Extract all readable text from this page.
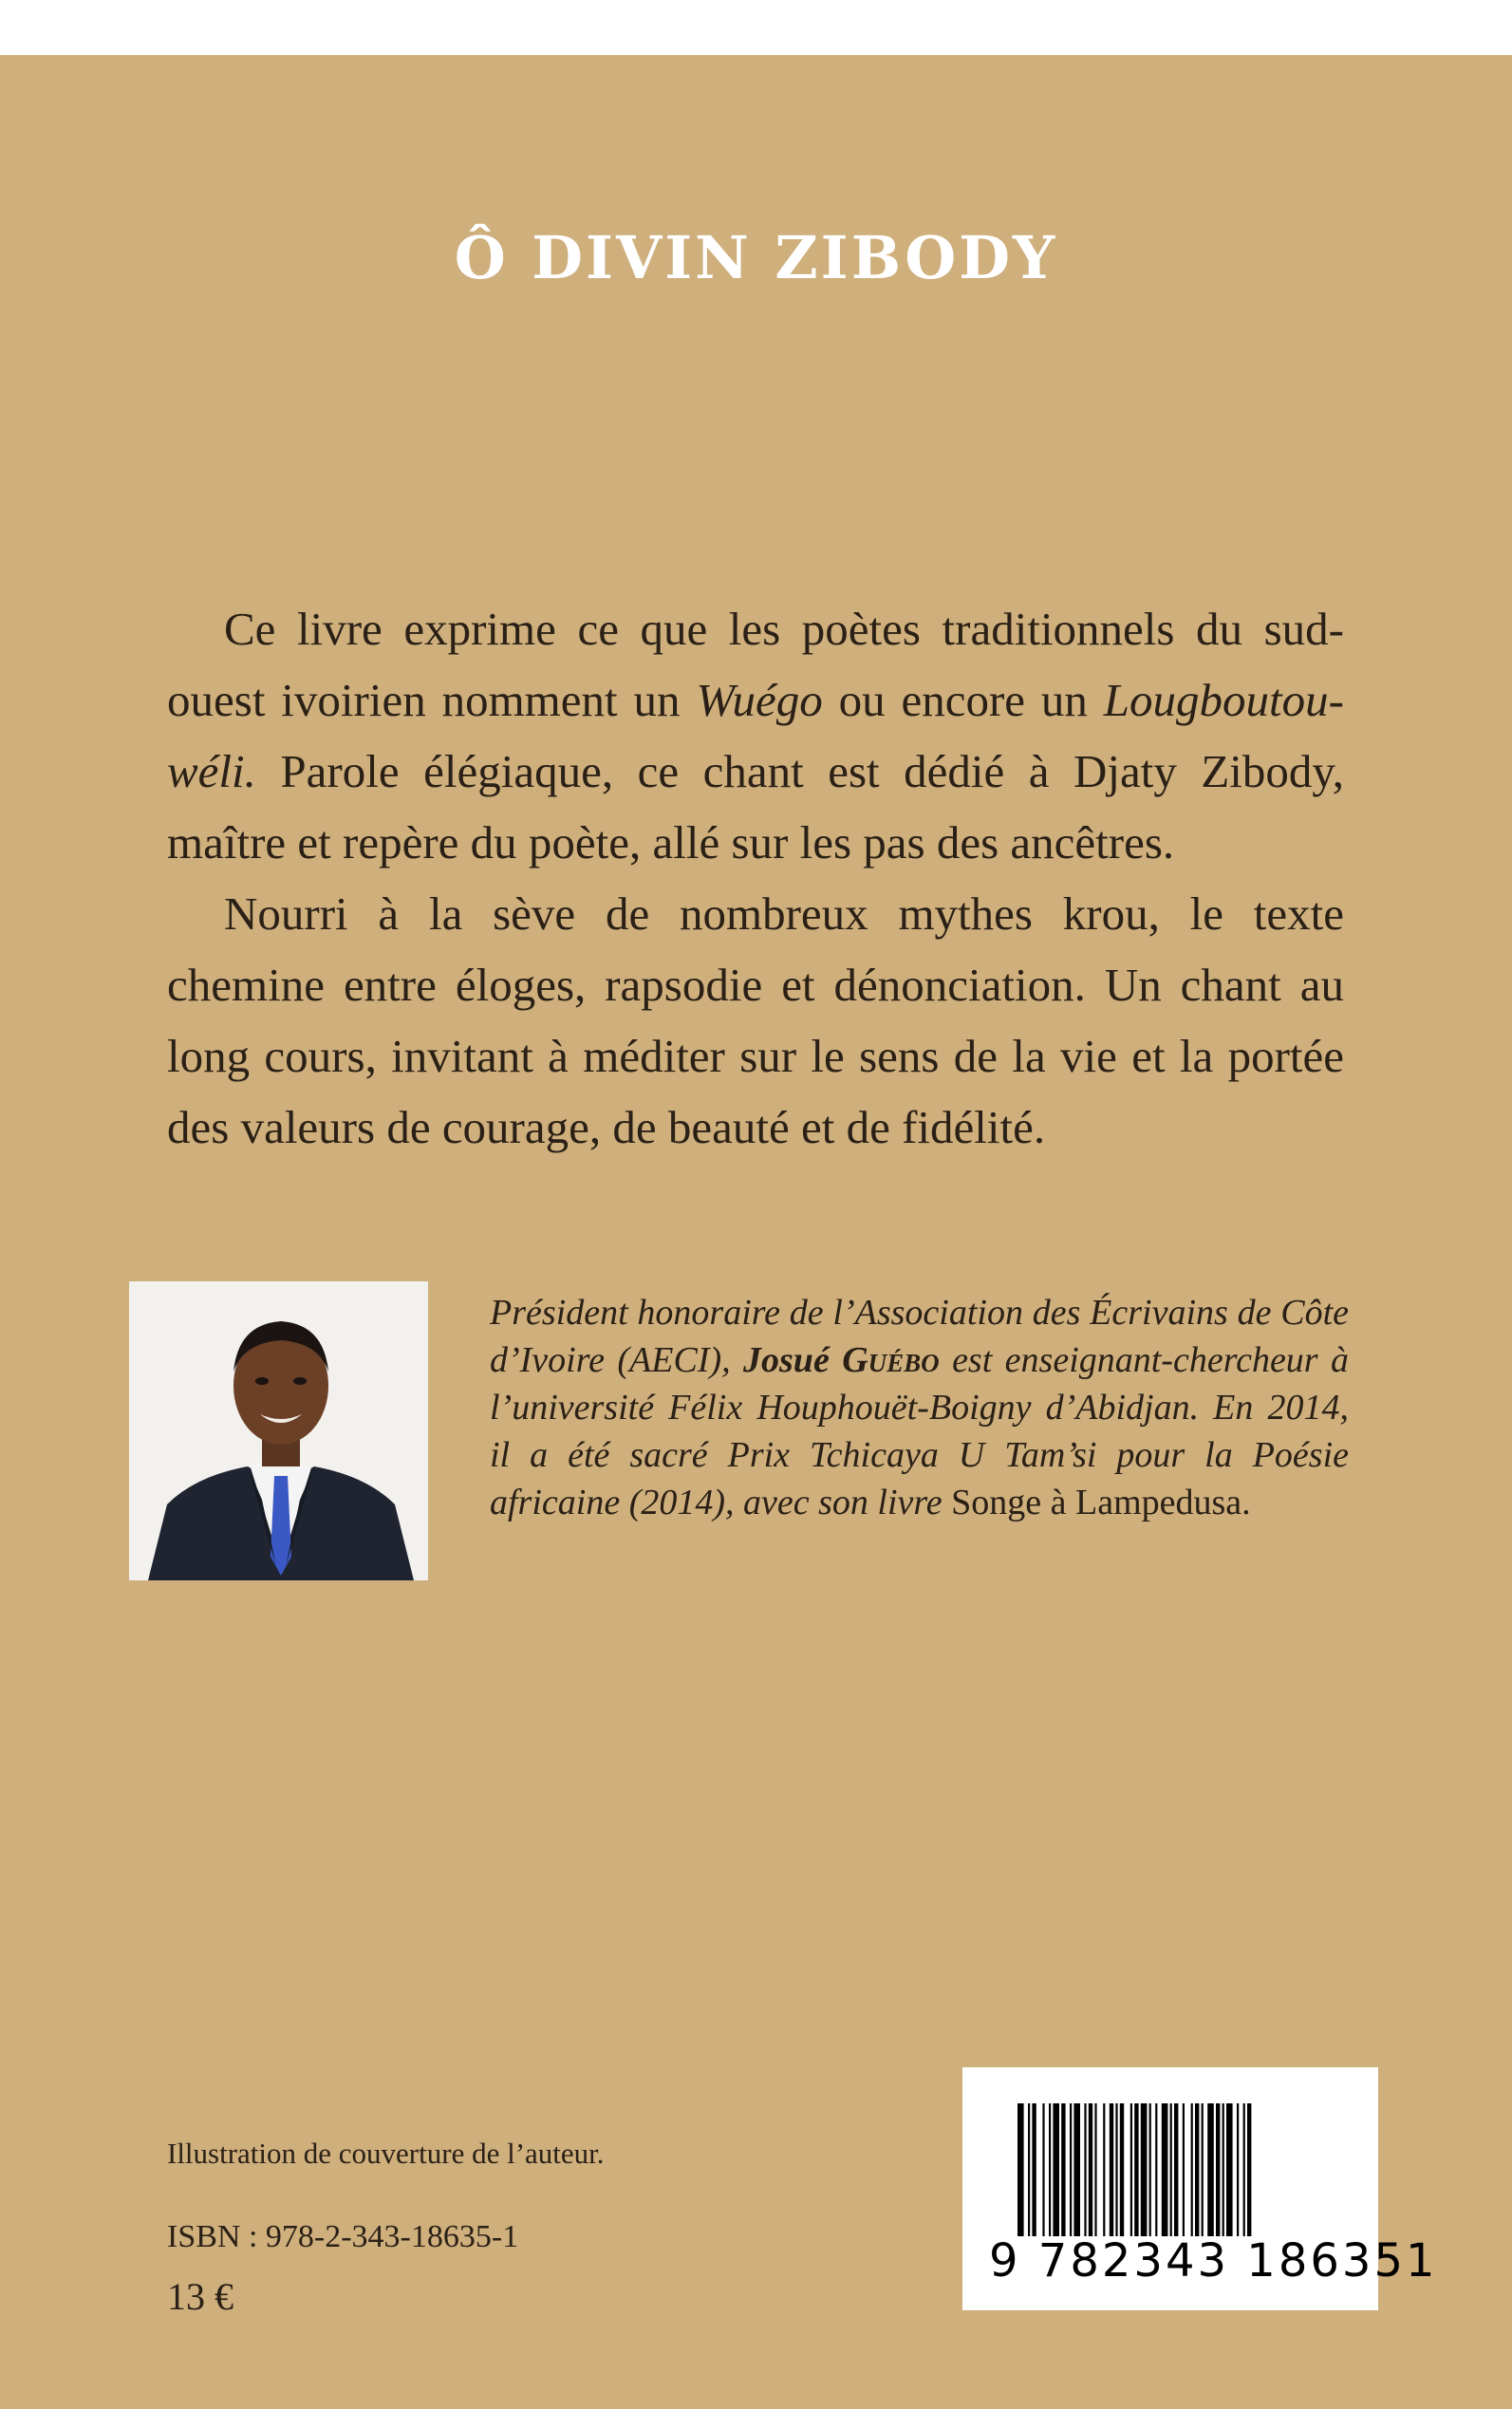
Ô DIVIN ZIBODY

Ce livre exprime ce que les poètes traditionnels du sud-ouest ivoirien nomment un Wuégo ou encore un Lougboutou-wéli. Parole élégiaque, ce chant est dédié à Djaty Zibody, maître et repère du poète, allé sur les pas des ancêtres.

Nourri à la sève de nombreux mythes krou, le texte chemine entre éloges, rapsodie et dénonciation. Un chant au long cours, invitant à méditer sur le sens de la vie et la portée des valeurs de courage, de beauté et de fidélité.

Président honoraire de l’Association des Écrivains de Côte d’Ivoire (AECI), Josué Guébo est enseignant-chercheur à l’université Félix Houphouët-Boigny d’Abidjan. En 2014, il a été sacré Prix Tchicaya U Tam’si pour la Poésie africaine (2014), avec son livre Songe à Lampedusa.
Illustration de couverture de l’auteur.
ISBN : 978-2-343-18635-1
13 €
9 782343 186351
